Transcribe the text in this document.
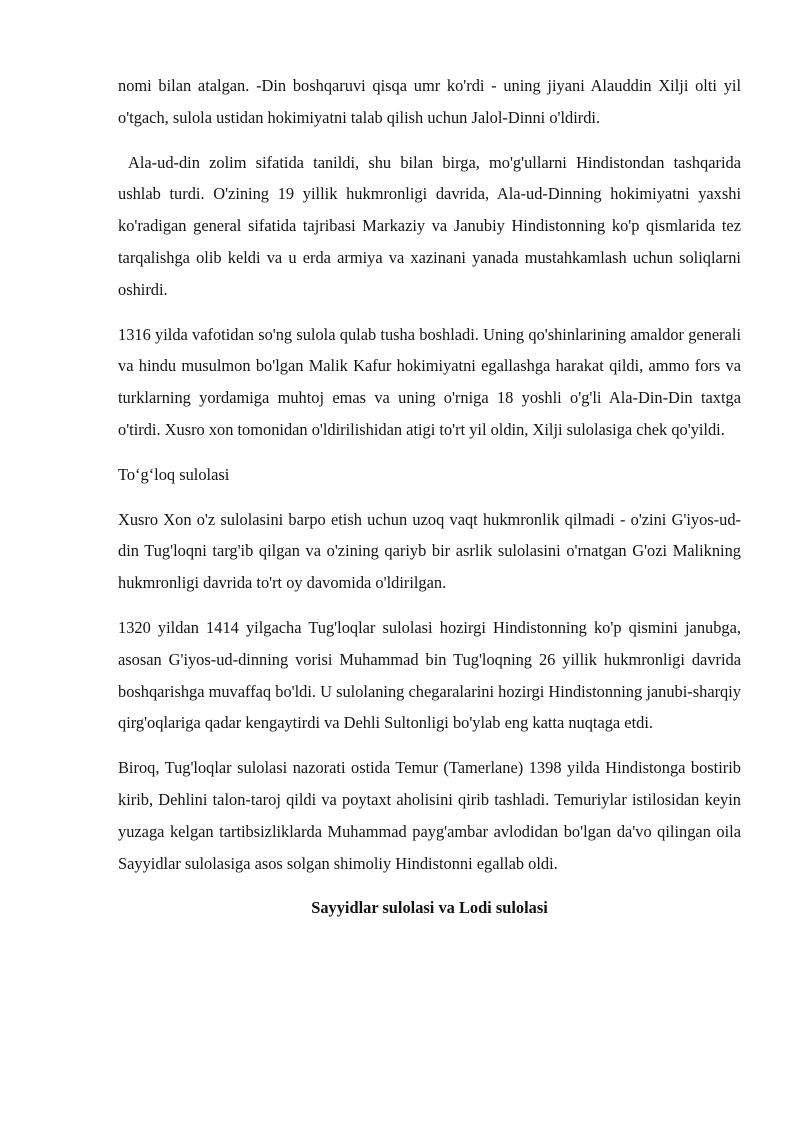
nomi bilan atalgan. -Din boshqaruvi qisqa umr ko'rdi - uning jiyani Alauddin Xilji olti yil o'tgach, sulola ustidan hokimiyatni talab qilish uchun Jalol-Dinni o'ldirdi.

Ala-ud-din zolim sifatida tanildi, shu bilan birga, mo'g'ullarni Hindistondan tashqarida ushlab turdi. O'zining 19 yillik hukmronligi davrida, Ala-ud-Dinning hokimiyatni yaxshi ko'radigan general sifatida tajribasi Markaziy va Janubiy Hindistonning ko'p qismlarida tez tarqalishga olib keldi va u erda armiya va xazinani yanada mustahkamlash uchun soliqlarni oshirdi.

1316 yilda vafotidan so'ng sulola qulab tusha boshladi. Uning qo'shinlarining amaldor generali va hindu musulmon bo'lgan Malik Kafur hokimiyatni egallashga harakat qildi, ammo fors va turklarning yordamiga muhtoj emas va uning o'rniga 18 yoshli o'g'li Ala-Din-Din taxtga o'tirdi. Xusro xon tomonidan o'ldirilishidan atigi to'rt yil oldin, Xilji sulolasiga chek qo'yildi.

To‘g‘loq sulolasi

Xusro Xon o'z sulolasini barpo etish uchun uzoq vaqt hukmronlik qilmadi - o'zini G'iyos-ud-din Tug'loqni targ'ib qilgan va o'zining qariyb bir asrlik sulolasini o'rnatgan G'ozi Malikning hukmronligi davrida to'rt oy davomida o'ldirilgan.

1320 yildan 1414 yilgacha Tug'loqlar sulolasi hozirgi Hindistonning ko'p qismini janubga, asosan G'iyos-ud-dinning vorisi Muhammad bin Tug'loqning 26 yillik hukmronligi davrida boshqarishga muvaffaq bo'ldi. U sulolaning chegaralarini hozirgi Hindistonning janubi-sharqiy qirg'oqlariga qadar kengaytirdi va Dehli Sultonligi bo'ylab eng katta nuqtaga etdi.

Biroq, Tug'loqlar sulolasi nazorati ostida Temur (Tamerlane) 1398 yilda Hindistonga bostirib kirib, Dehlini talon-taroj qildi va poytaxt aholisini qirib tashladi. Temuriylar istilosidan keyin yuzaga kelgan tartibsizliklarda Muhammad payg'ambar avlodidan bo'lgan da'vo qilingan oila Sayyidlar sulolasiga asos solgan shimoliy Hindistonni egallab oldi.

Sayyidlar sulolasi va Lodi sulolasi
